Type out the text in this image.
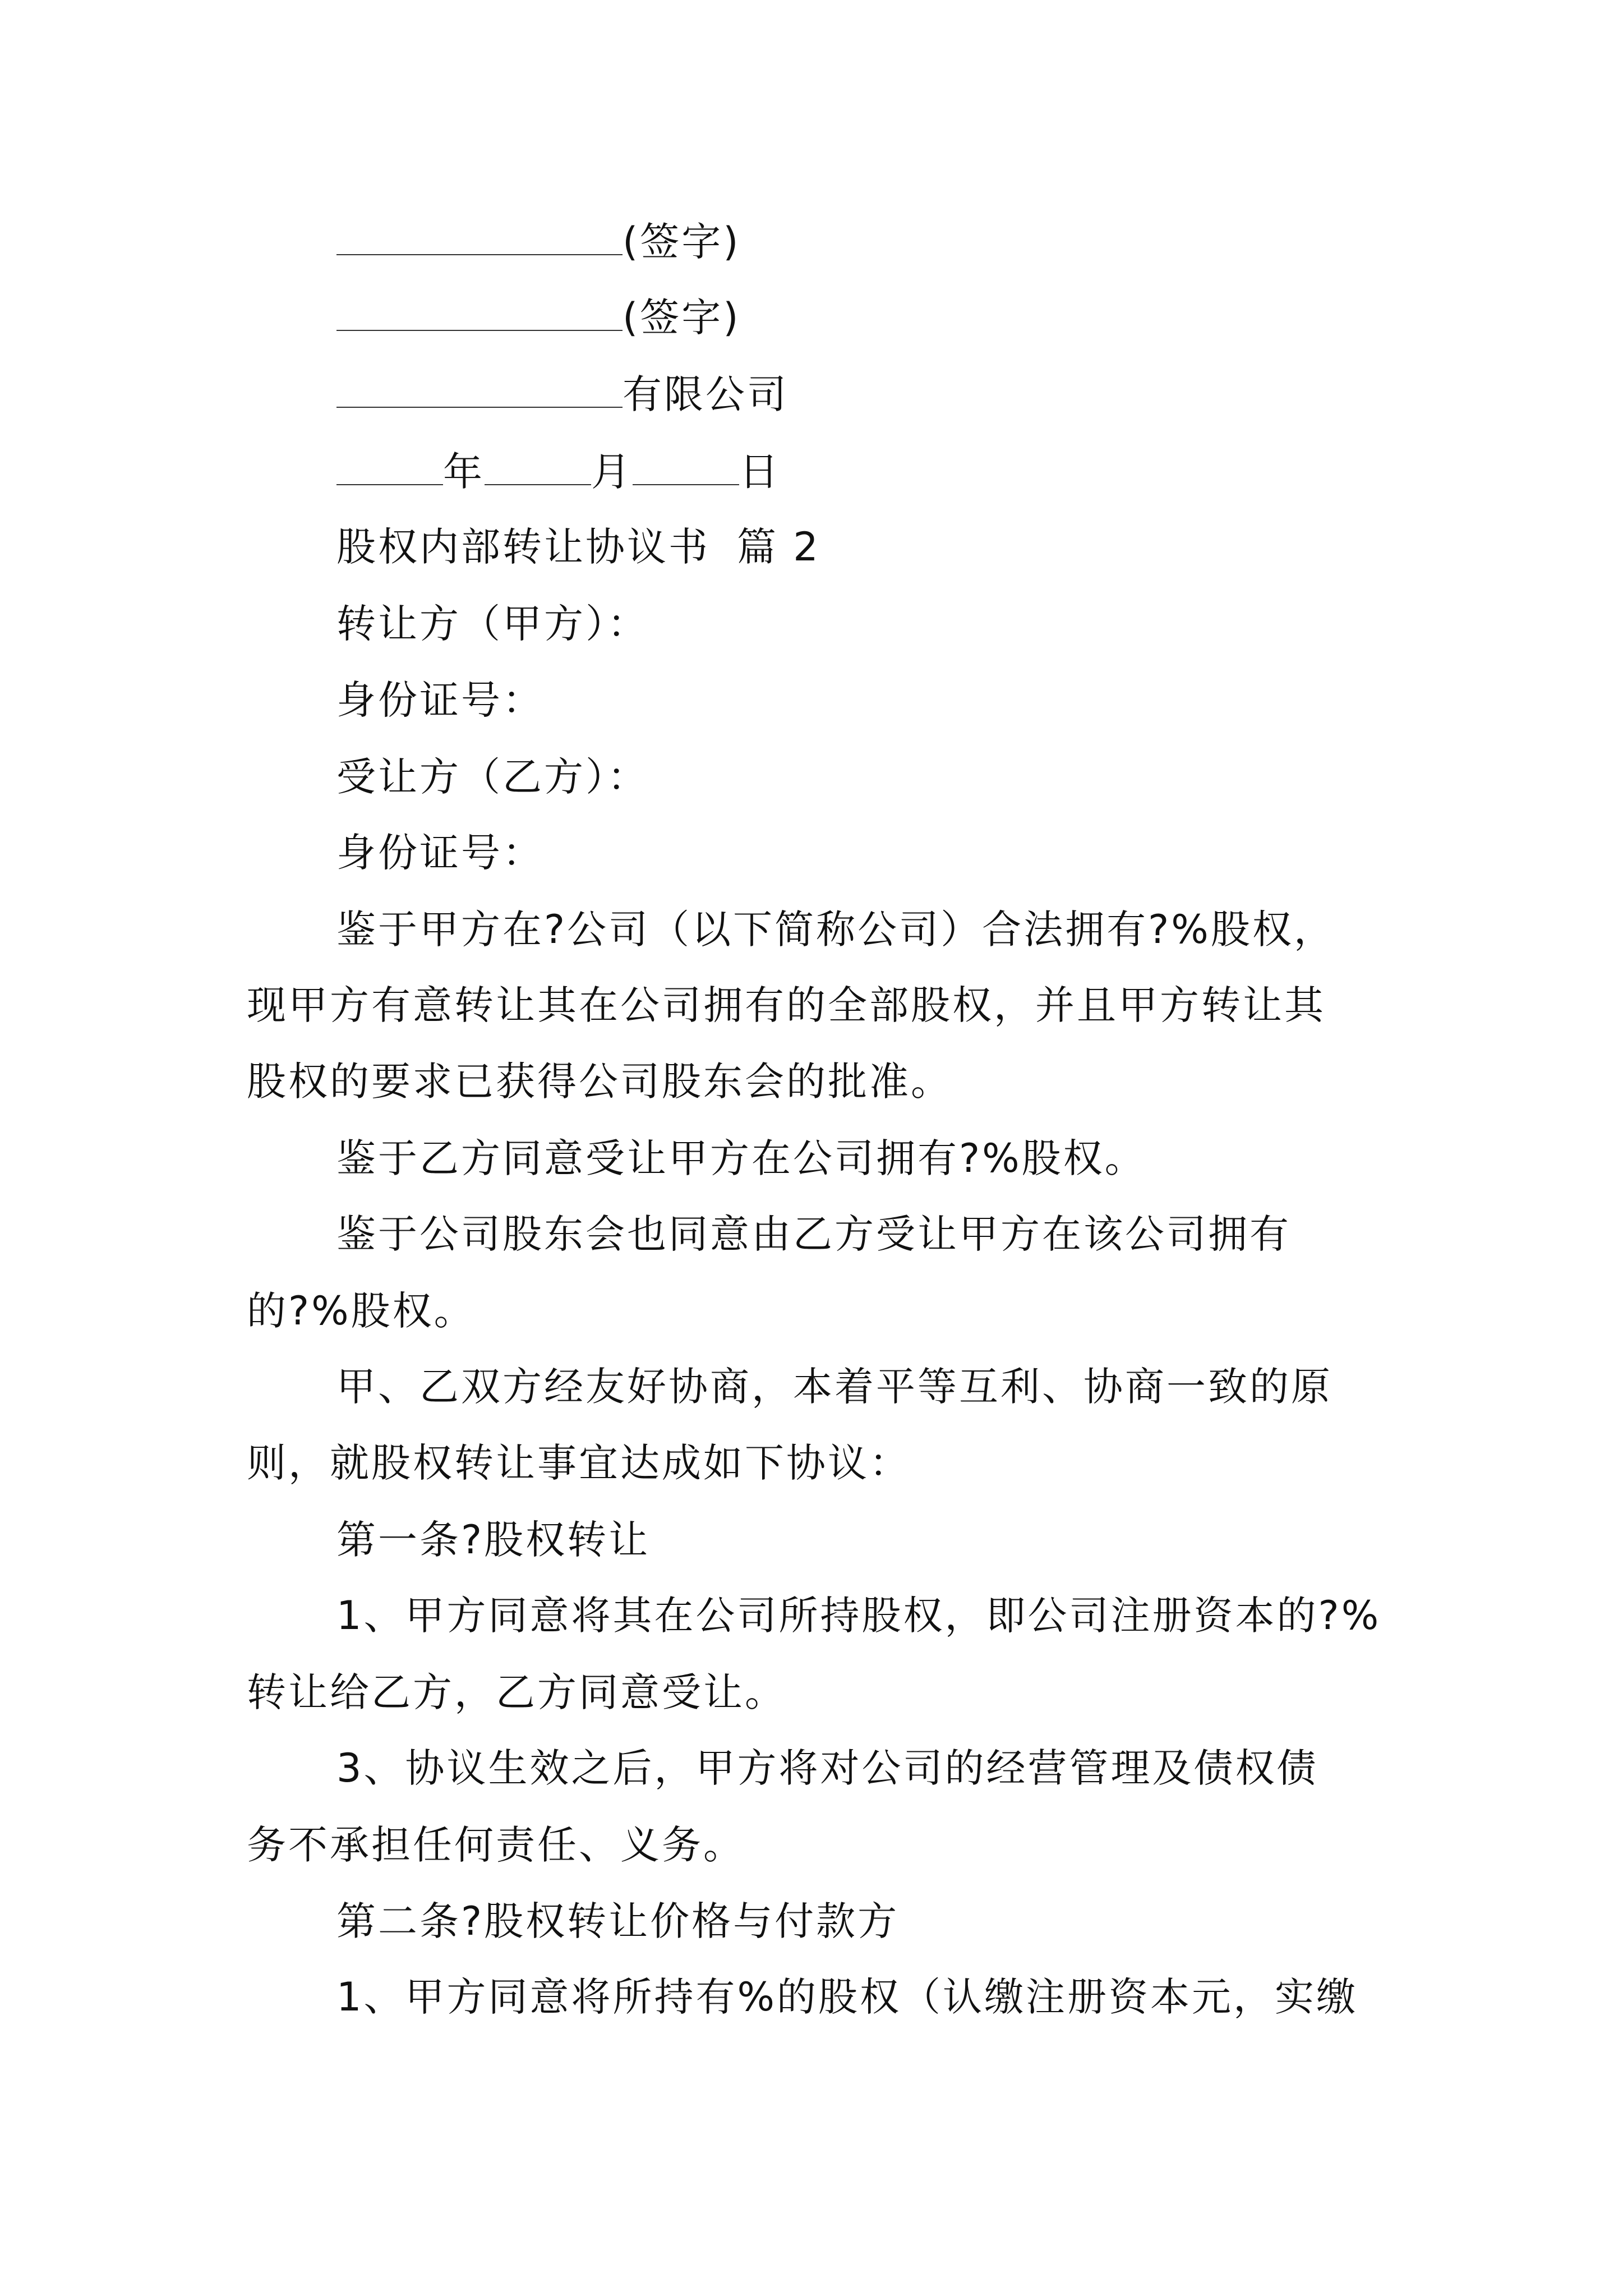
(签字)
(签字)
有限公司
年	月	日
股权内部转让协议书 篇 2
转让方（甲方）：
身份证号：
受让方（乙方）：
身份证号：
鉴于甲方在?公司（以下简称公司）合法拥有?%股权，
现甲方有意转让其在公司拥有的全部股权，并且甲方转让其
股权的要求已获得公司股东会的批准。
鉴于乙方同意受让甲方在公司拥有?%股权。
鉴于公司股东会也同意由乙方受让甲方在该公司拥有
的?%股权。
甲、乙双方经友好协商，本着平等互利、协商一致的原
则，就股权转让事宜达成如下协议：
第一条?股权转让
1、甲方同意将其在公司所持股权，即公司注册资本的?%
转让给乙方，乙方同意受让。
3、协议生效之后，甲方将对公司的经营管理及债权债
务不承担任何责任、义务。
第二条?股权转让价格与付款方
1、甲方同意将所持有%的股权（认缴注册资本元，实缴
